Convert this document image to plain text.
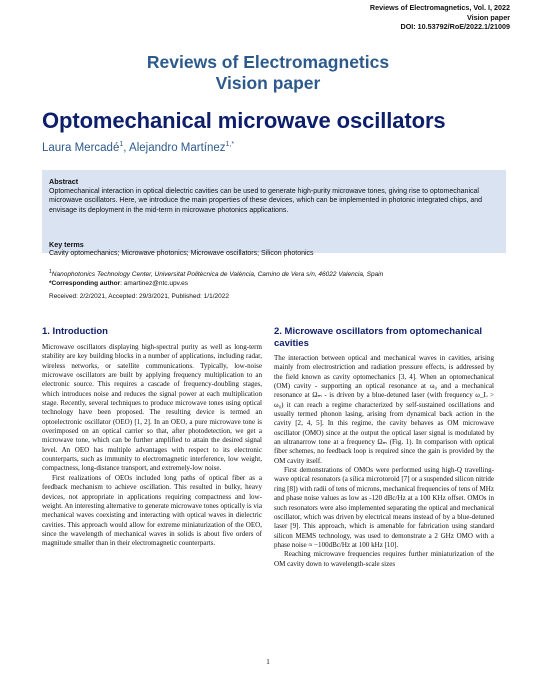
Reviews of Electromagnetics, Vol. I, 2022
Vision paper
DOI: 10.53792/RoE/2022.1/21009
Reviews of Electromagnetics
Vision paper
Optomechanical microwave oscillators
Laura Mercadé$^1$, Alejandro Martínez$^{1,*}$
Abstract
Optomechanical interaction in optical dielectric cavities can be used to generate high-purity microwave tones, giving rise to optomechanical microwave oscillators. Here, we introduce the main properties of these devices, which can be implemented in photonic integrated chips, and envisage its deployment in the mid-term in microwave photonics applications.
Key terms
Cavity optomechanics; Microwave photonics; Microwave oscillators; Silicon photonics
$^1$Nanophotonics Technology Center, Universitat Politècnica de València, Camino de Vera s/n, 46022 Valencia, Spain
*Corresponding author: amartinez@ntc.upv.es
Received: 2/2/2021, Accepted: 29/3/2021, Published: 1/1/2022
1. Introduction

Microwave oscillators displaying high-spectral purity as well as long-term stability are key building blocks in a number of applications, including radar, wireless networks, or satellite communications. Typically, low-noise microwave oscillators are built by applying frequency multiplication to an electronic source. This requires a cascade of frequency-doubling stages, which introduces noise and reduces the signal power at each multiplication stage. Recently, several techniques to produce microwave tones using optical technology have been proposed. The resulting device is termed an optoelectronic oscillator (OEO) [1, 2]. In an OEO, a pure microwave tone is overimposed on an optical carrier so that, after photodetection, we get a microwave tone, which can be further amplified to attain the desired signal level. An OEO has multiple advantages with respect to its electronic counterparts, such as immunity to electromagnetic interference, low weight, compactness, long-distance transport, and extremely-low noise.

First realizations of OEOs included long paths of optical fiber as a feedback mechanism to achieve oscillation. This resulted in bulky, heavy devices, not appropriate in applications requiring compactness and low-weight. An interesting alternative to generate microwave tones optically is via mechanical waves coexisting and interacting with optical waves in dielectric cavities. This approach would allow for extreme miniaturization of the OEO, since the wavelength of mechanical waves in solids is about five orders of magnitude smaller than in their electromagnetic counterparts.

2. Microwave oscillators from optomechanical cavities

The interaction between optical and mechanical waves in cavities, arising mainly from electrostriction and radiation pressure effects, is addressed by the field known as cavity optomechanics [3, 4]. When an optomechanical (OM) cavity - supporting an optical resonance at ω₀ and a mechanical resonance at Ωₘ - is driven by a blue-detuned laser (with frequency ω_L > ω₀) it can reach a regime characterized by self-sustained oscillations and usually termed phonon lasing, arising from dynamical back action in the cavity [2, 4, 5]. In this regime, the cavity behaves as OM microwave oscillator (OMO) since at the output the optical laser signal is modulated by an ultranarrow tone at a frequency Ωₘ (Fig. 1). In comparison with optical fiber schemes, no feedback loop is required since the gain is provided by the OM cavity itself.

First demonstrations of OMOs were performed using high-Q travelling-wave optical resonators (a silica microtoroid [7] or a suspended silicon nitride ring [8]) with radii of tens of microns, mechanical frequencies of tens of MHz and phase noise values as low as -120 dBc/Hz at a 100 KHz offset. OMOs in such resonators were also implemented separating the optical and mechanical oscillator, which was driven by electrical means instead of by a blue-detuned laser [9]. This approach, which is amenable for fabrication using standard silicon MEMS technology, was used to demonstrate a 2 GHz OMO with a phase noise ≈ −100dBc/Hz at 100 kHz [10].

Reaching microwave frequencies requires further miniaturization of the OM cavity down to wavelength-scale sizes

1
